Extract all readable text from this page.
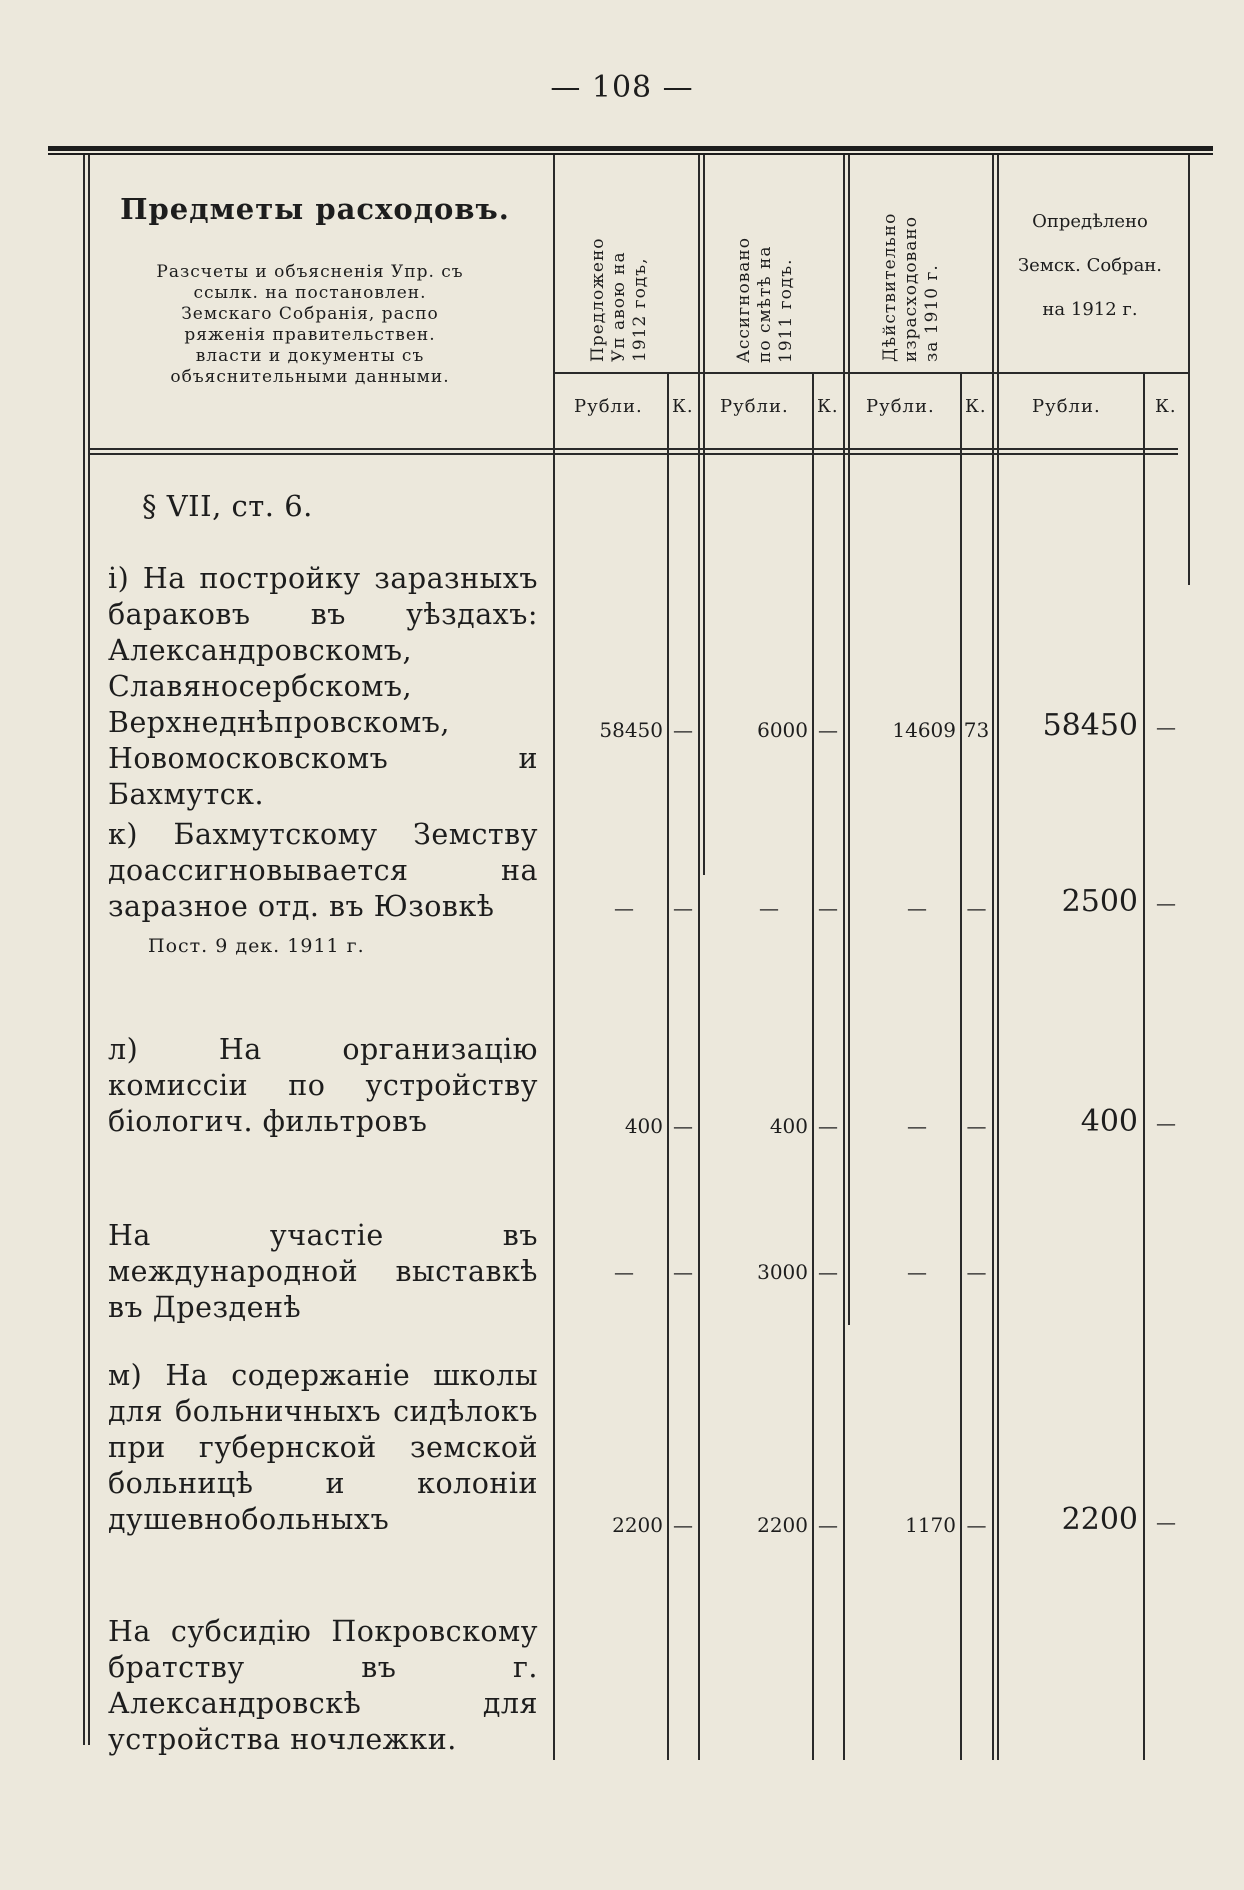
— 108 —
Предметы расходовъ.
Разсчеты и объясненія Упр. съ ссылк. на постановлен. Земскаго Собранія, распо ряженія правительствен. власти и документы съ объяснительными данными.
Предложено
Уп авою на
1912 годъ,	Ассигновано
по смѣтѣ на
1911 годъ.	Дѣйствительно
израсходовано
за 1910 г.
Опредѣлено
Земск. Собран.
на 1912 г.
Рубли. К. Рубли. К. Рубли. К.	Рубли.	К.
§ VII, ст. 6.
і) На постройку заразныхъ бараковъ въ уѣздахъ: Александровскомъ, Славяносербскомъ, Верхнеднѣпровскомъ, Новомосковскомъ и Бахмутск.
58450 —	6000 —	14609 73	58450 —
к) Бахмутскому Земству доассигновывается на заразное отд. въ Юзовкѣ
Пост. 9 дек. 1911 г.
—	—	—	—	—	—	2500 —
л) На организацію комиссіи по устройству біологич. фильтровъ	400 —	400 —	—	—	400 —
На участіе въ международной выставкѣ въ Дрезденѣ
—	—	3000 —	—	—
м) На содержаніе школы для больничныхъ сидѣлокъ при губернской земской больницѣ и колоніи душевнобольныхъ	2200 —	2200 —	1170 —	2200 —
На субсидію Покровскому братству въ г. Александровскѣ для устройства ночлежки.
